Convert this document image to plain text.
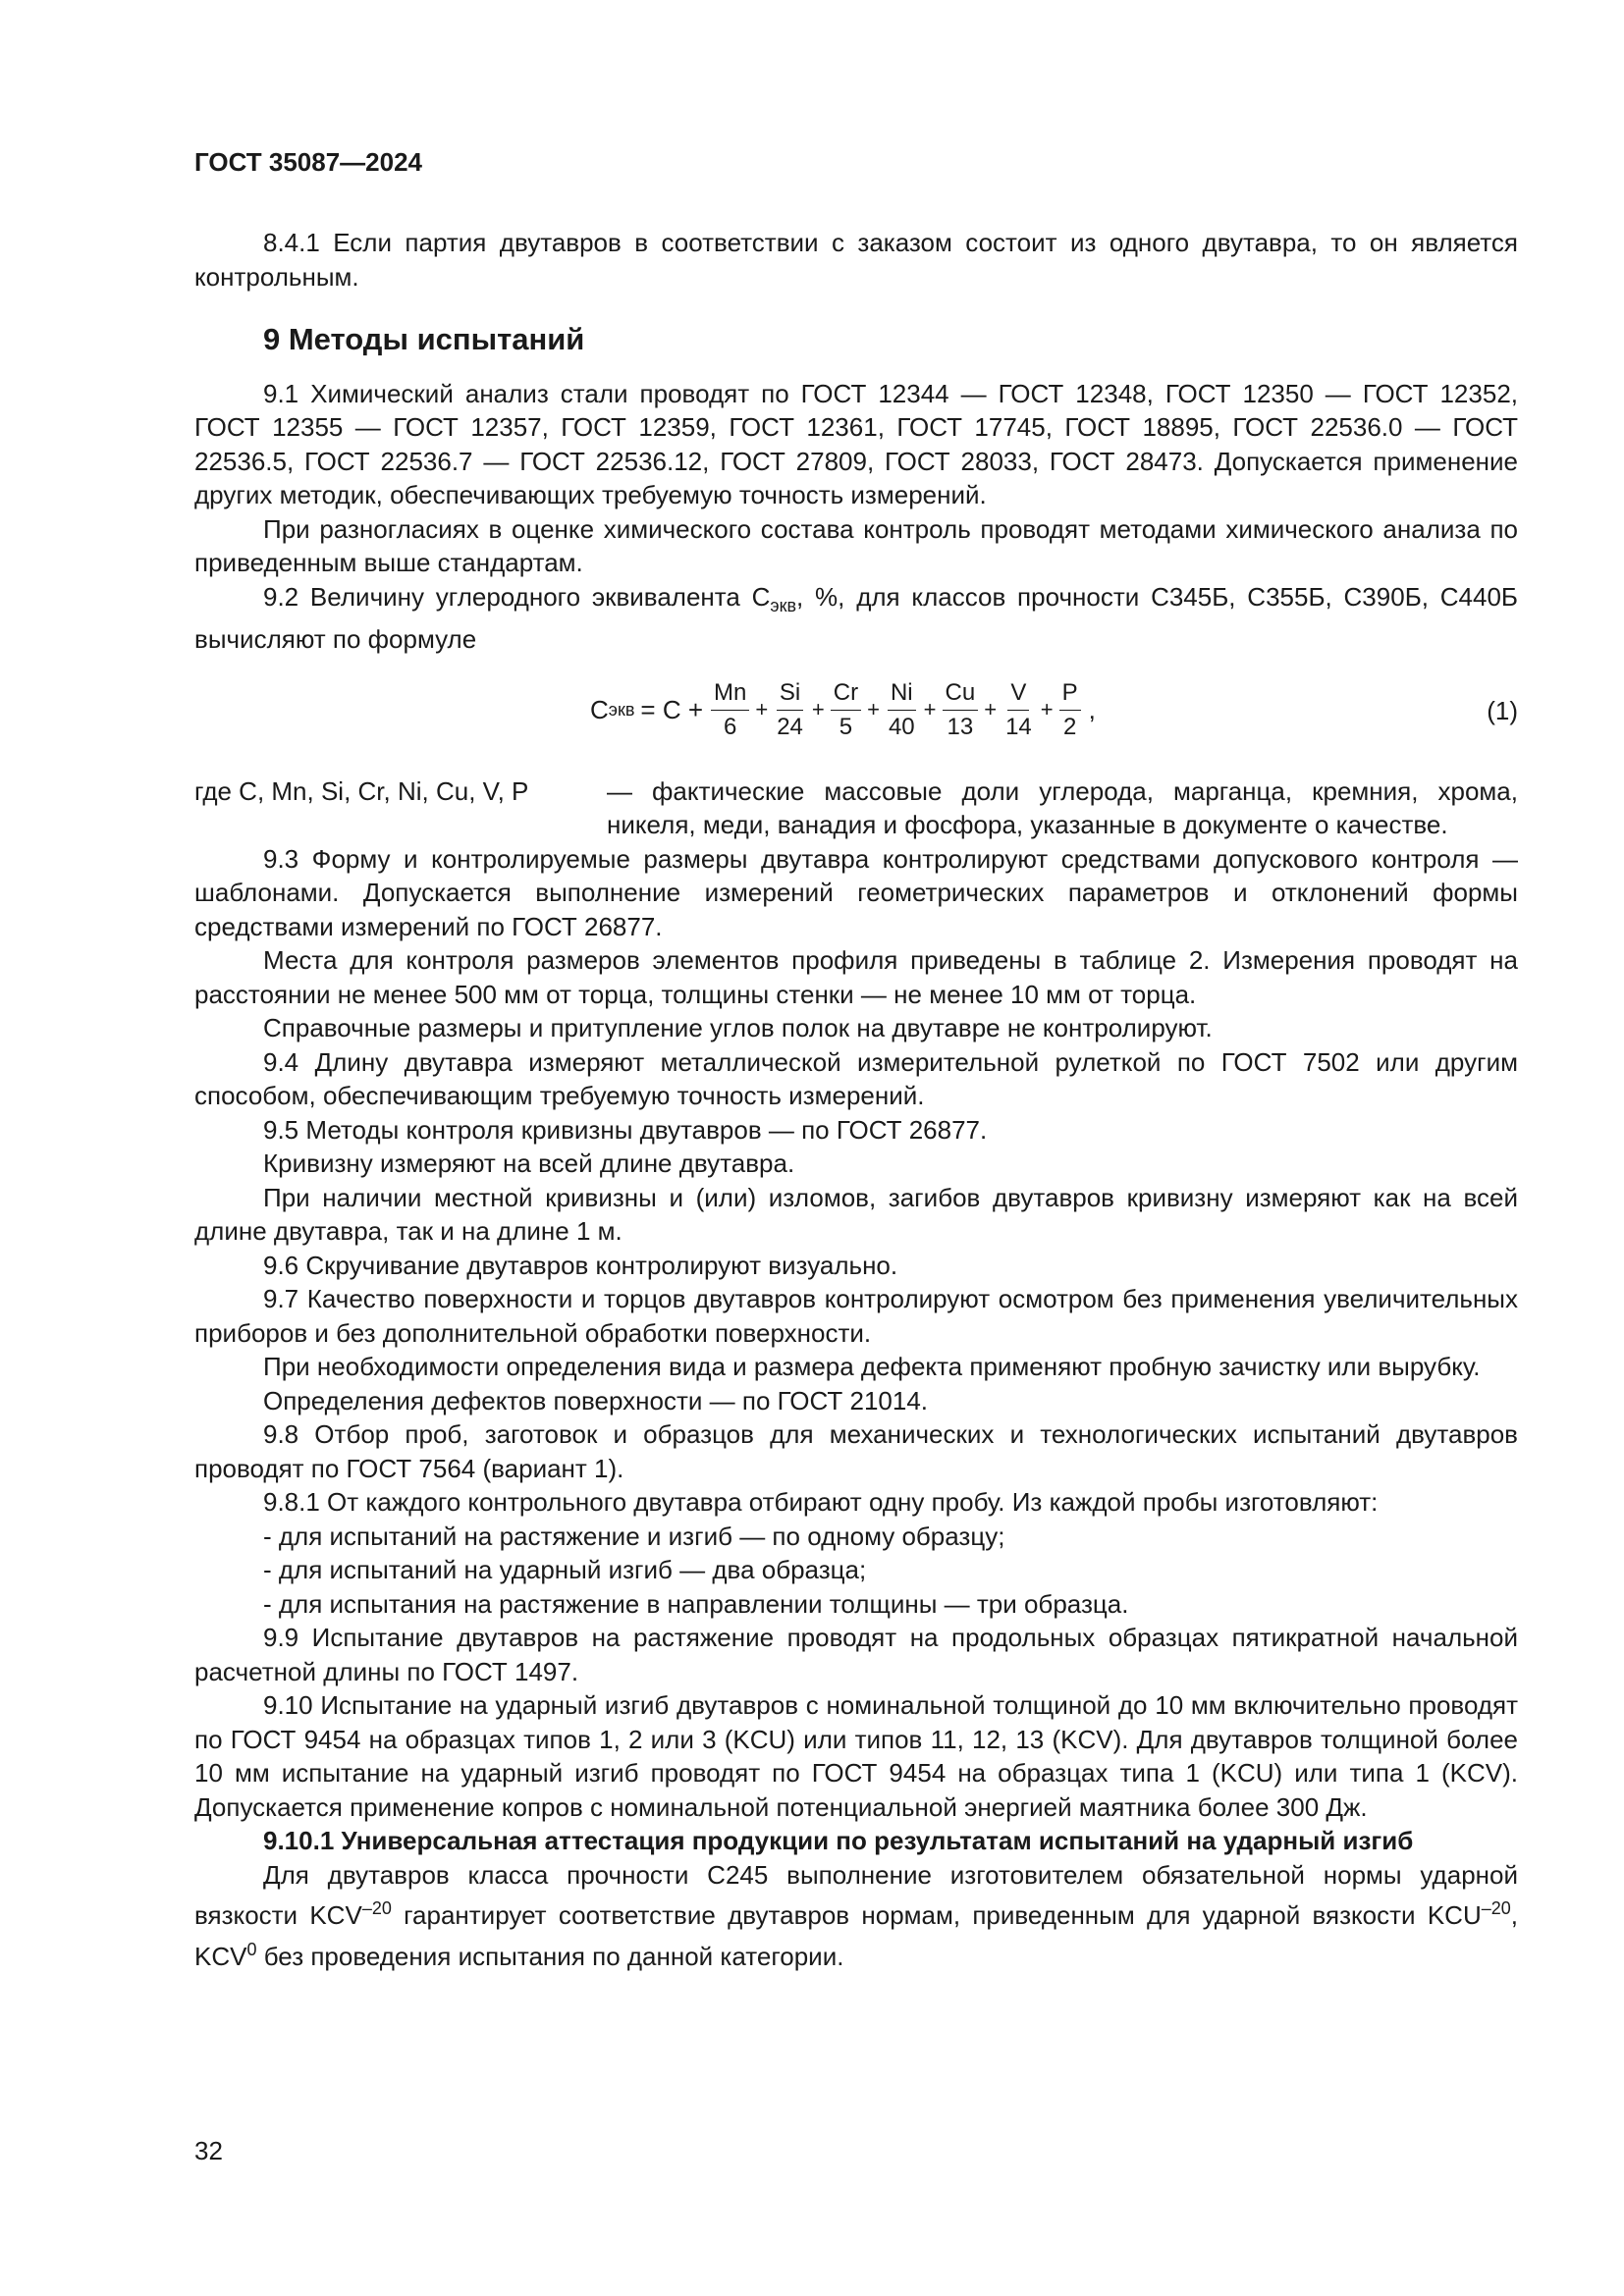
ГОСТ 35087—2024

8.4.1 Если партия двутавров в соответствии с заказом состоит из одного двутавра, то он является контрольным.

9 Методы испытаний

9.1 Химический анализ стали проводят по ГОСТ 12344 — ГОСТ 12348, ГОСТ 12350 — ГОСТ 12352, ГОСТ 12355 — ГОСТ 12357, ГОСТ 12359, ГОСТ 12361, ГОСТ 17745, ГОСТ 18895, ГОСТ 22536.0 — ГОСТ 22536.5, ГОСТ 22536.7 — ГОСТ 22536.12, ГОСТ 27809, ГОСТ 28033, ГОСТ 28473. Допускается применение других методик, обеспечивающих требуемую точность измерений.

При разногласиях в оценке химического состава контроль проводят методами химического анализа по приведенным выше стандартам.

9.2 Величину углеродного эквивалента $С_{экв}$, %, для классов прочности С345Б, С355Б, С390Б, С440Б вычисляют по формуле

С экв = $C + \frac{Mn}{6} + \frac{Si}{24} + \frac{Cr}{5} + \frac{Ni}{40} + \frac{Cu}{13} + \frac{V}{14} + \frac{P}{2}$ ,	(1)
где C, Mn, Si, Cr, Ni, Cu, V, P	— фактические массовые доли углерода, марганца, кремния, хрома, никеля, меди, ванадия и фосфора, указанные в документе о качестве.

9.3 Форму и контролируемые размеры двутавра контролируют средствами допускового контроля — шаблонами. Допускается выполнение измерений геометрических параметров и отклонений формы средствами измерений по ГОСТ 26877.

Места для контроля размеров элементов профиля приведены в таблице 2. Измерения проводят на расстоянии не менее 500 мм от торца, толщины стенки — не менее 10 мм от торца.

Справочные размеры и притупление углов полок на двутавре не контролируют.

9.4 Длину двутавра измеряют металлической измерительной рулеткой по ГОСТ 7502 или другим способом, обеспечивающим требуемую точность измерений.

9.5 Методы контроля кривизны двутавров — по ГОСТ 26877.

Кривизну измеряют на всей длине двутавра.

При наличии местной кривизны и (или) изломов, загибов двутавров кривизну измеряют как на всей длине двутавра, так и на длине 1 м.

9.6 Скручивание двутавров контролируют визуально.

9.7 Качество поверхности и торцов двутавров контролируют осмотром без применения увеличительных приборов и без дополнительной обработки поверхности.

При необходимости определения вида и размера дефекта применяют пробную зачистку или вырубку.

Определения дефектов поверхности — по ГОСТ 21014.

9.8 Отбор проб, заготовок и образцов для механических и технологических испытаний двутавров проводят по ГОСТ 7564 (вариант 1).

9.8.1 От каждого контрольного двутавра отбирают одну пробу. Из каждой пробы изготовляют:

- для испытаний на растяжение и изгиб — по одному образцу;

- для испытаний на ударный изгиб — два образца;

- для испытания на растяжение в направлении толщины — три образца.

9.9 Испытание двутавров на растяжение проводят на продольных образцах пятикратной начальной расчетной длины по ГОСТ 1497.

9.10 Испытание на ударный изгиб двутавров с номинальной толщиной до 10 мм включительно проводят по ГОСТ 9454 на образцах типов 1, 2 или 3 (KCU) или типов 11, 12, 13 (KCV). Для двутавров толщиной более 10 мм испытание на ударный изгиб проводят по ГОСТ 9454 на образцах типа 1 (KCU) или типа 1 (KCV). Допускается применение копров с номинальной потенциальной энергией маятника более 300 Дж.

9.10.1 Универсальная аттестация продукции по результатам испытаний на ударный изгиб

Для двутавров класса прочности С245 выполнение изготовителем обязательной нормы ударной вязкости $KCV^{-20}$ гарантирует соответствие двутавров нормам, приведенным для ударной вязкости $KCU^{-20}$, KCV$^0$ без проведения испытания по данной категории.

32
